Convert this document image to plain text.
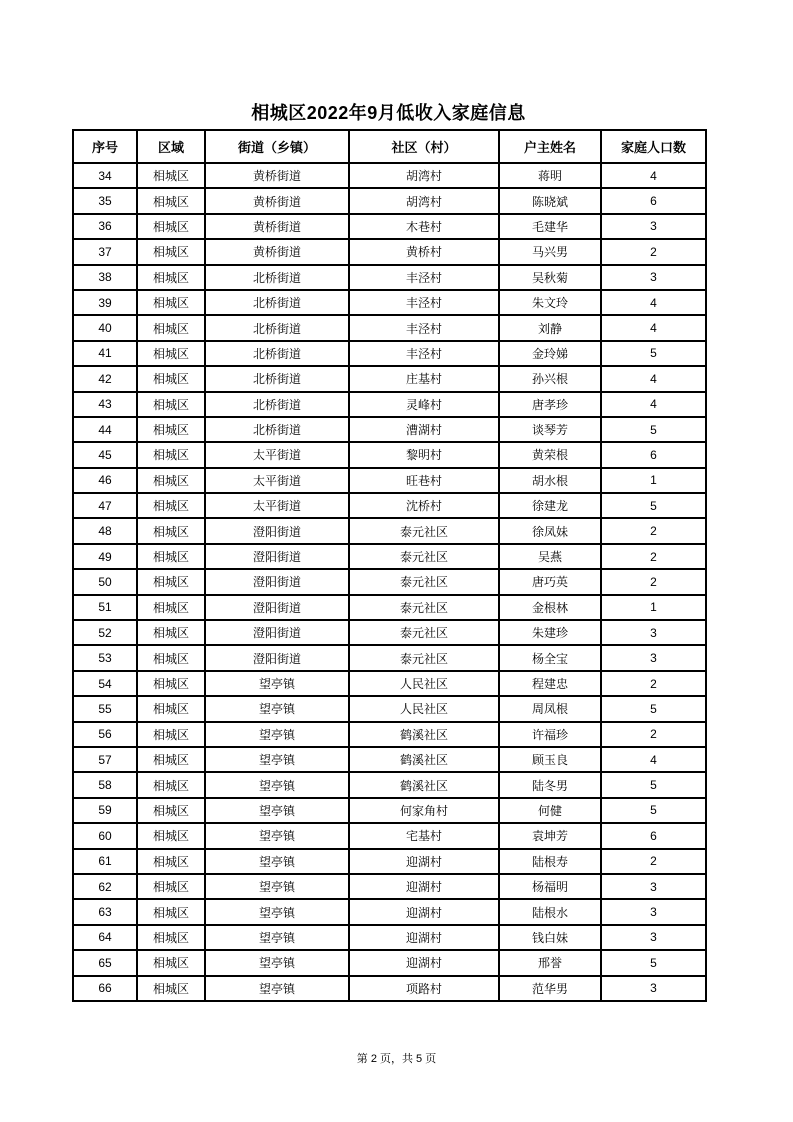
相城区2022年9月低收入家庭信息
序号	区域	街道（乡镇）	社区（村）	户主姓名	家庭人口数
34	相城区	黄桥街道	胡湾村	蒋明	4
35	相城区	黄桥街道	胡湾村	陈晓斌	6
36	相城区	黄桥街道	木巷村	毛建华	3
37	相城区	黄桥街道	黄桥村	马兴男	2
38	相城区	北桥街道	丰泾村	吴秋菊	3
39	相城区	北桥街道	丰泾村	朱文玲	4
40	相城区	北桥街道	丰泾村	刘静	4
41	相城区	北桥街道	丰泾村	金玲娣	5
42	相城区	北桥街道	庄基村	孙兴根	4
43	相城区	北桥街道	灵峰村	唐孝珍	4
44	相城区	北桥街道	漕湖村	谈琴芳	5
45	相城区	太平街道	黎明村	黄荣根	6
46	相城区	太平街道	旺巷村	胡水根	1
47	相城区	太平街道	沈桥村	徐建龙	5
48	相城区	澄阳街道	泰元社区	徐凤妹	2
49	相城区	澄阳街道	泰元社区	吴燕	2
50	相城区	澄阳街道	泰元社区	唐巧英	2
51	相城区	澄阳街道	泰元社区	金根林	1
52	相城区	澄阳街道	泰元社区	朱建珍	3
53	相城区	澄阳街道	泰元社区	杨全宝	3
54	相城区	望亭镇	人民社区	程建忠	2
55	相城区	望亭镇	人民社区	周凤根	5
56	相城区	望亭镇	鹤溪社区	许福珍	2
57	相城区	望亭镇	鹤溪社区	顾玉良	4
58	相城区	望亭镇	鹤溪社区	陆冬男	5
59	相城区	望亭镇	何家角村	何健	5
60	相城区	望亭镇	宅基村	袁坤芳	6
61	相城区	望亭镇	迎湖村	陆根寿	2
62	相城区	望亭镇	迎湖村	杨福明	3
63	相城区	望亭镇	迎湖村	陆根水	3
64	相城区	望亭镇	迎湖村	钱白妹	3
65	相城区	望亭镇	迎湖村	邢誉	5
66	相城区	望亭镇	项路村	范华男	3
第 2 页，共 5 页
